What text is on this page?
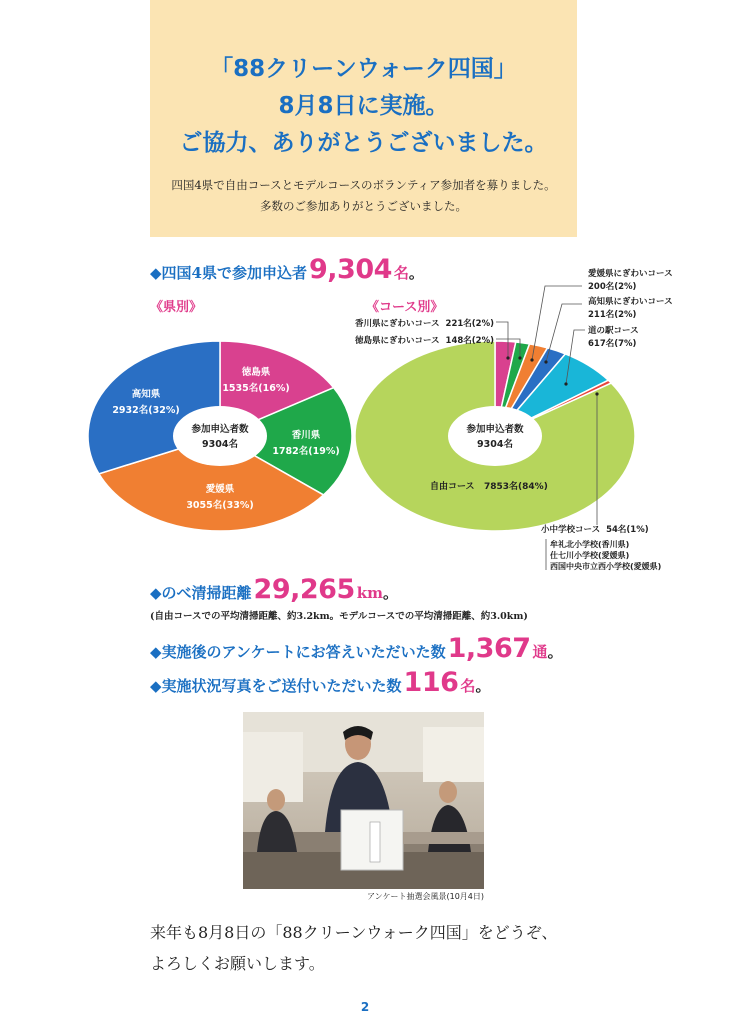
「88クリーンウォーク四国」
8月8日に実施。
ご協力、ありがとうございました。
四国4県で自由コースとモデルコースのボランティア参加者を募りました。
多数のご参加ありがとうございました。
◆四国4県で参加申込者 9,304 名 。
《県別》	《コース別》
徳島県
1535名(16%)
香川県
1782名(19%)
愛媛県
3055名(33%)
高知県
2932名(32%)
参加申込者数
9304名
参加申込者数
9304名
自由コース 7853名(84%)
香川県にぎわいコース 221名(2%)
徳島県にぎわいコース 148名(2%)
愛媛県にぎわいコース
200名(2%)
高知県にぎわいコース
211名(2%)
道の駅コース
617名(7%)
小中学校コース 54名(1%)
牟礼北小学校(香川県)
仕七川小学校(愛媛県)
西国中央市立西小学校(愛媛県)
◆のべ清掃距離 29,265 km 。
(自由コースでの平均清掃距離、約3.2km。モデルコースでの平均清掃距離、約3.0km)
◆実施後のアンケートにお答えいただいた数 1,367 通 。
◆実施状況写真をご送付いただいた数 116 名 。
アンケート抽選会風景(10月4日)
来年も8月8日の「88クリーンウォーク四国」をどうぞ、
よろしくお願いします。
2
